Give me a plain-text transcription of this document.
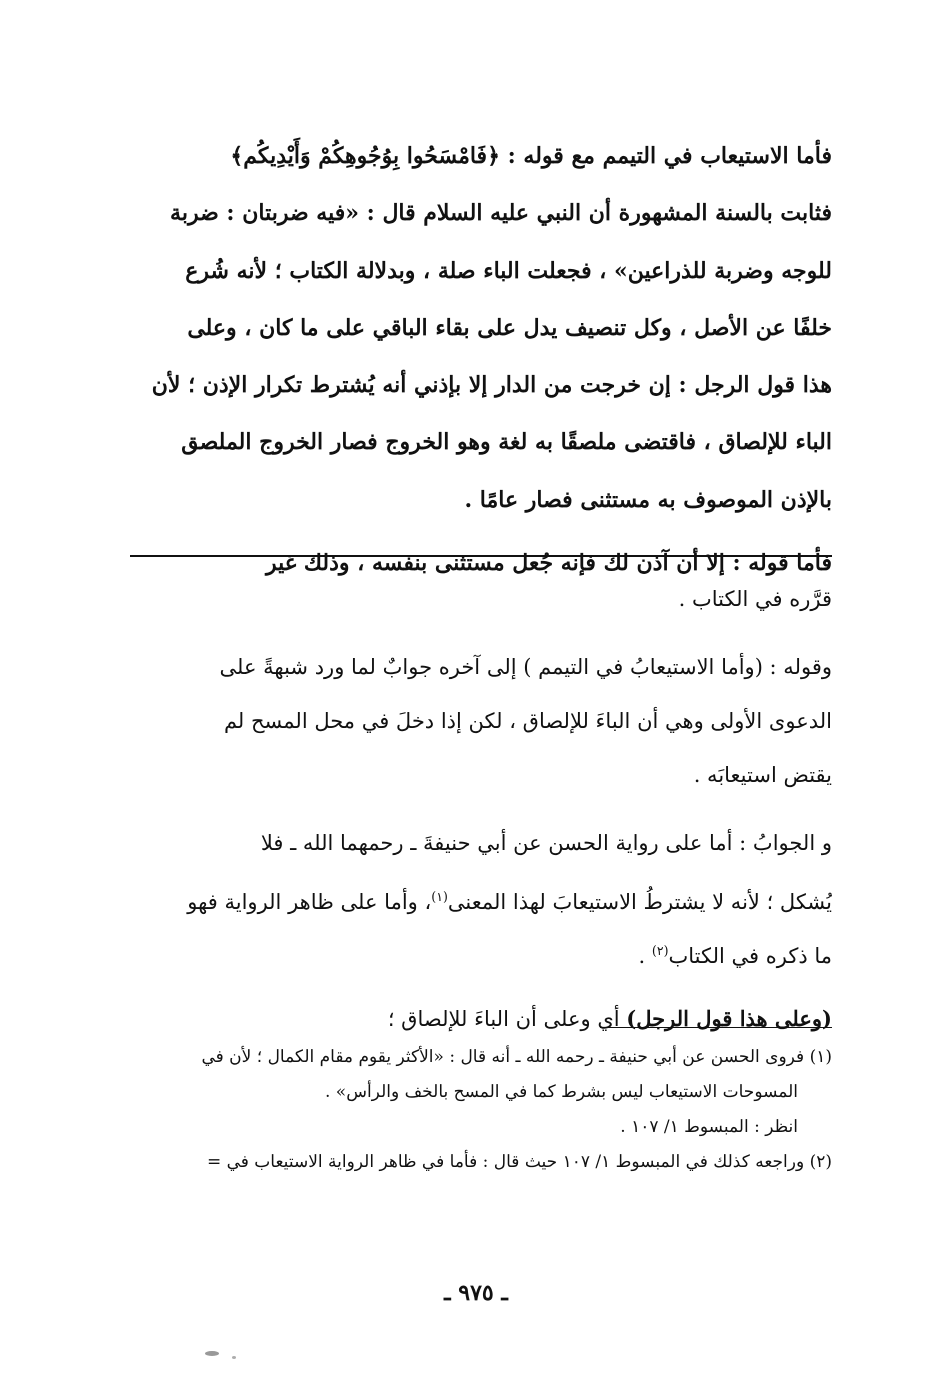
فأما الاستيعاب في التيمم مع قوله : ﴿فَامْسَحُوا بِوُجُوهِكُمْ وَأَيْدِيكُم﴾
فثابت بالسنة المشهورة أن النبي عليه السلام قال : «فيه ضربتان : ضربة
للوجه وضربة للذراعين» ، فجعلت الباء صلة ، وبدلالة الكتاب ؛ لأنه شُرع
خلفًا عن الأصل ، وكل تنصيف يدل على بقاء الباقي على ما كان ، وعلى
هذا قول الرجل : إن خرجت من الدار إلا بإذني أنه يُشترط تكرار الإذن ؛ لأن
الباء للإلصاق ، فاقتضى ملصقًا به لغة وهو الخروج فصار الخروج الملصق
بالإذن الموصوف به مستثنى فصار عامًا .

فأما قوله : إلا أن آذن لك فإنه جُعل مستثنى بنفسه ، وذلك غير

قرَّره في الكتاب .

وقوله : (وأما الاستيعابُ في التيمم ) إلى آخره جوابٌ لما ورد شبهةً على
الدعوى الأولى وهي أن الباءَ للإلصاق ، لكن إذا دخلَ في محل المسح لم
يقتض استيعابَه .

و الجوابُ : أما على رواية الحسن عن أبي حنيفةَ ـ رحمهما الله ـ فلا
يُشكل ؛ لأنه لا يشترطُ الاستيعابَ لهذا المعنى$^{(١)}$، وأما على ظاهر الرواية فهو
ما ذكره في الكتاب$^{(٢)}$ .

(وعلى هذا قول الرجل) أي وعلى أن الباءَ للإلصاق ؛

(١) فروى الحسن عن أبي حنيفة ـ رحمه الله ـ أنه قال : «الأكثر يقوم مقام الكمال ؛ لأن في
المسوحات الاستيعاب ليس بشرط كما في المسح بالخف والرأس» .
انظر : المبسوط ١/ ١٠٧ .
(٢) وراجعه كذلك في المبسوط ١/ ١٠٧ حيث قال : فأما في ظاهر الرواية الاستيعاب في =
ـ ٩٧٥ ـ
